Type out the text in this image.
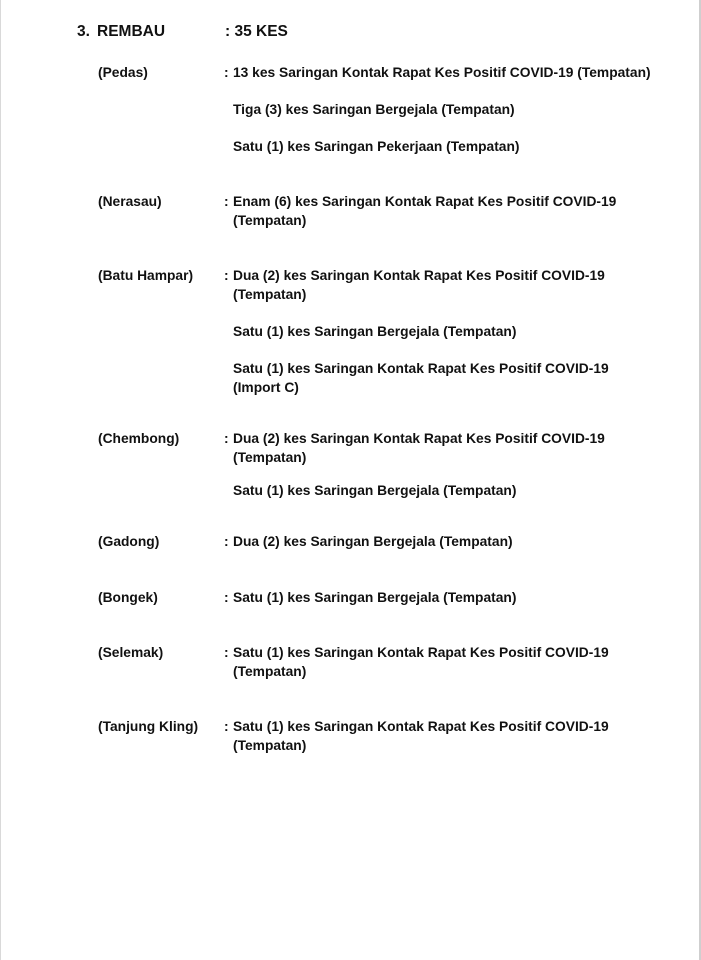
3. REMBAU	: 35 KES
(Pedas)	: 13 kes Saringan Kontak Rapat Kes Positif COVID-19 (Tempatan)
Tiga (3) kes Saringan Bergejala (Tempatan)
Satu (1) kes Saringan Pekerjaan (Tempatan)
(Nerasau)	: Enam (6) kes Saringan Kontak Rapat Kes Positif COVID-19
(Tempatan)
(Batu Hampar) : Dua (2) kes Saringan Kontak Rapat Kes Positif COVID-19
(Tempatan)
Satu (1) kes Saringan Bergejala (Tempatan)
Satu (1) kes Saringan Kontak Rapat Kes Positif COVID-19
(Import C)
(Chembong)	: Dua (2) kes Saringan Kontak Rapat Kes Positif COVID-19
(Tempatan)
Satu (1) kes Saringan Bergejala (Tempatan)
(Gadong)	: Dua (2) kes Saringan Bergejala (Tempatan)
(Bongek)	: Satu (1) kes Saringan Bergejala (Tempatan)
(Selemak)	: Satu (1) kes Saringan Kontak Rapat Kes Positif COVID-19
(Tempatan)
(Tanjung Kling) : Satu (1) kes Saringan Kontak Rapat Kes Positif COVID-19
(Tempatan)
